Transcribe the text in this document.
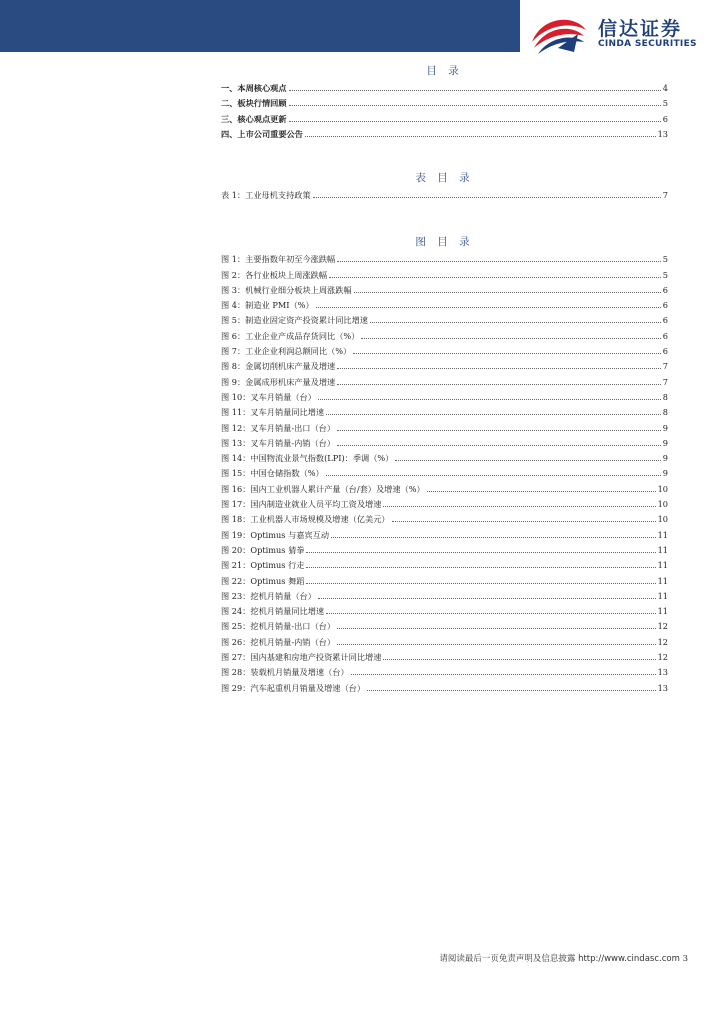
信达证券
CINDA SECURITIES
目 录
一、本周核心观点	4
二、板块行情回顾	5
三、核心观点更新	6
四、上市公司重要公告	13
表 目 录
表 1：工业母机支持政策	7
图 目 录
图 1：主要指数年初至今涨跌幅	5
图 2：各行业板块上周涨跌幅	5
图 3：机械行业细分板块上周涨跌幅	6
图 4：制造业 PMI（%）	6
图 5：制造业固定资产投资累计同比增速	6
图 6：工业企业产成品存货同比（%）	6
图 7：工业企业利润总额同比（%）	6
图 8：金属切削机床产量及增速	7
图 9：金属成形机床产量及增速	7
图 10：叉车月销量（台）	8
图 11：叉车月销量同比增速	8
图 12：叉车月销量-出口（台）	9
图 13：叉车月销量-内销（台）	9
图 14：中国物流业景气指数(LPI)：季调（%）	9
图 15：中国仓储指数（%）	9
图 16：国内工业机器人累计产量（台/套）及增速（%）	10
图 17：国内制造业就业人员平均工资及增速	10
图 18：工业机器人市场规模及增速（亿美元）	10
图 19：Optimus 与嘉宾互动	11
图 20：Optimus 猜拳	11
图 21：Optimus 行走	11
图 22：Optimus 舞蹈	11
图 23：挖机月销量（台）	11
图 24：挖机月销量同比增速	11
图 25：挖机月销量-出口（台）	12
图 26：挖机月销量-内销（台）	12
图 27：国内基建和房地产投资累计同比增速	12
图 28：装载机月销量及增速（台）	13
图 29：汽车起重机月销量及增速（台）	13
请阅读最后一页免责声明及信息披露 http://www.cindasc.com 3
